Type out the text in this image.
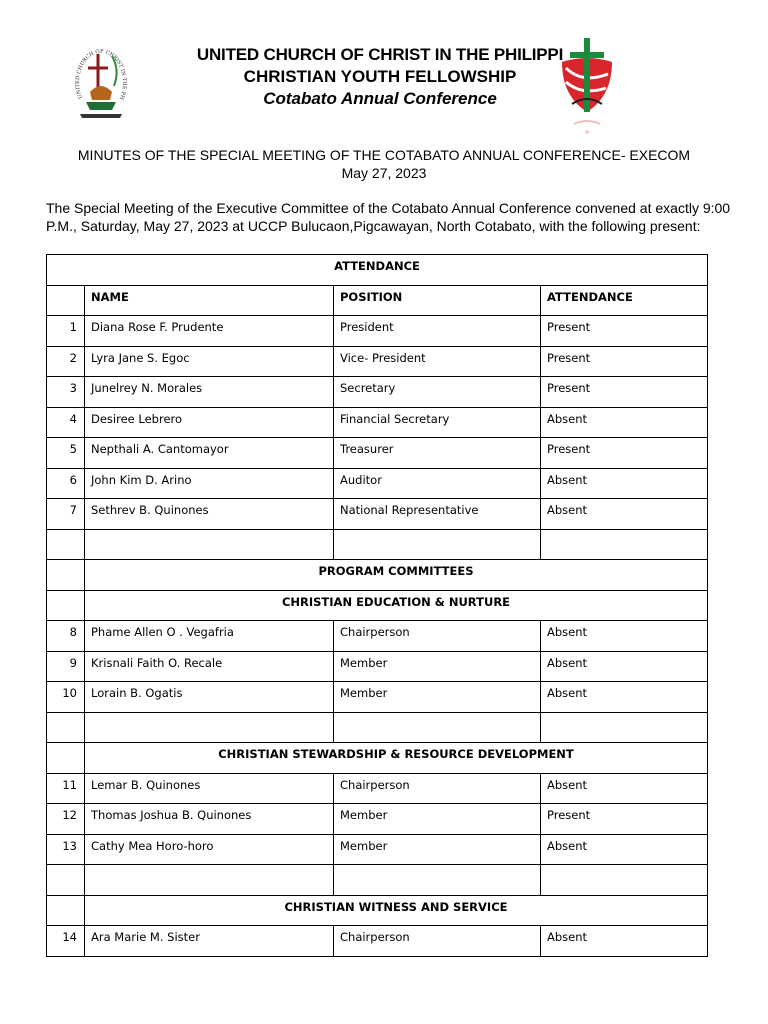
UNITED CHURCH OF CHRIST IN THE PH
UNITED CHURCH OF CHRIST IN THE PHILIPPI
CHRISTIAN YOUTH FELLOWSHIP
Cotabato Annual Conference
MINUTES OF THE SPECIAL MEETING OF THE COTABATO ANNUAL CONFERENCE- EXECOM
May 27, 2023
The Special Meeting of the Executive Committee of the Cotabato Annual Conference convened at exactly 9:00 P.M., Saturday, May 27, 2023 at UCCP Bulucaon,Pigcawayan, North Cotabato, with the following present:
ATTENDANCE			
	NAME	POSITION	ATTENDANCE
1	Diana Rose F. Prudente	President	Present
2	Lyra Jane S. Egoc	Vice- President	Present
3	Junelrey N. Morales	Secretary	Present
4	Desiree Lebrero	Financial Secretary	Absent
5	Nepthali A. Cantomayor	Treasurer	Present
6	John Kim D. Arino	Auditor	Absent
7	Sethrev B. Quinones	National Representative	Absent

	PROGRAM COMMITTEES		
	CHRISTIAN EDUCATION & NURTURE		
8	Phame Allen O . Vegafria	Chairperson	Absent
9	Krisnali Faith O. Recale	Member	Absent
10	Lorain B. Ogatis	Member	Absent

	CHRISTIAN STEWARDSHIP & RESOURCE DEVELOPMENT		
11	Lemar B. Quinones	Chairperson	Absent
12	Thomas Joshua B. Quinones	Member	Present
13	Cathy Mea Horo-horo	Member	Absent

	CHRISTIAN WITNESS AND SERVICE		
14	Ara Marie M. Sister	Chairperson	Absent
